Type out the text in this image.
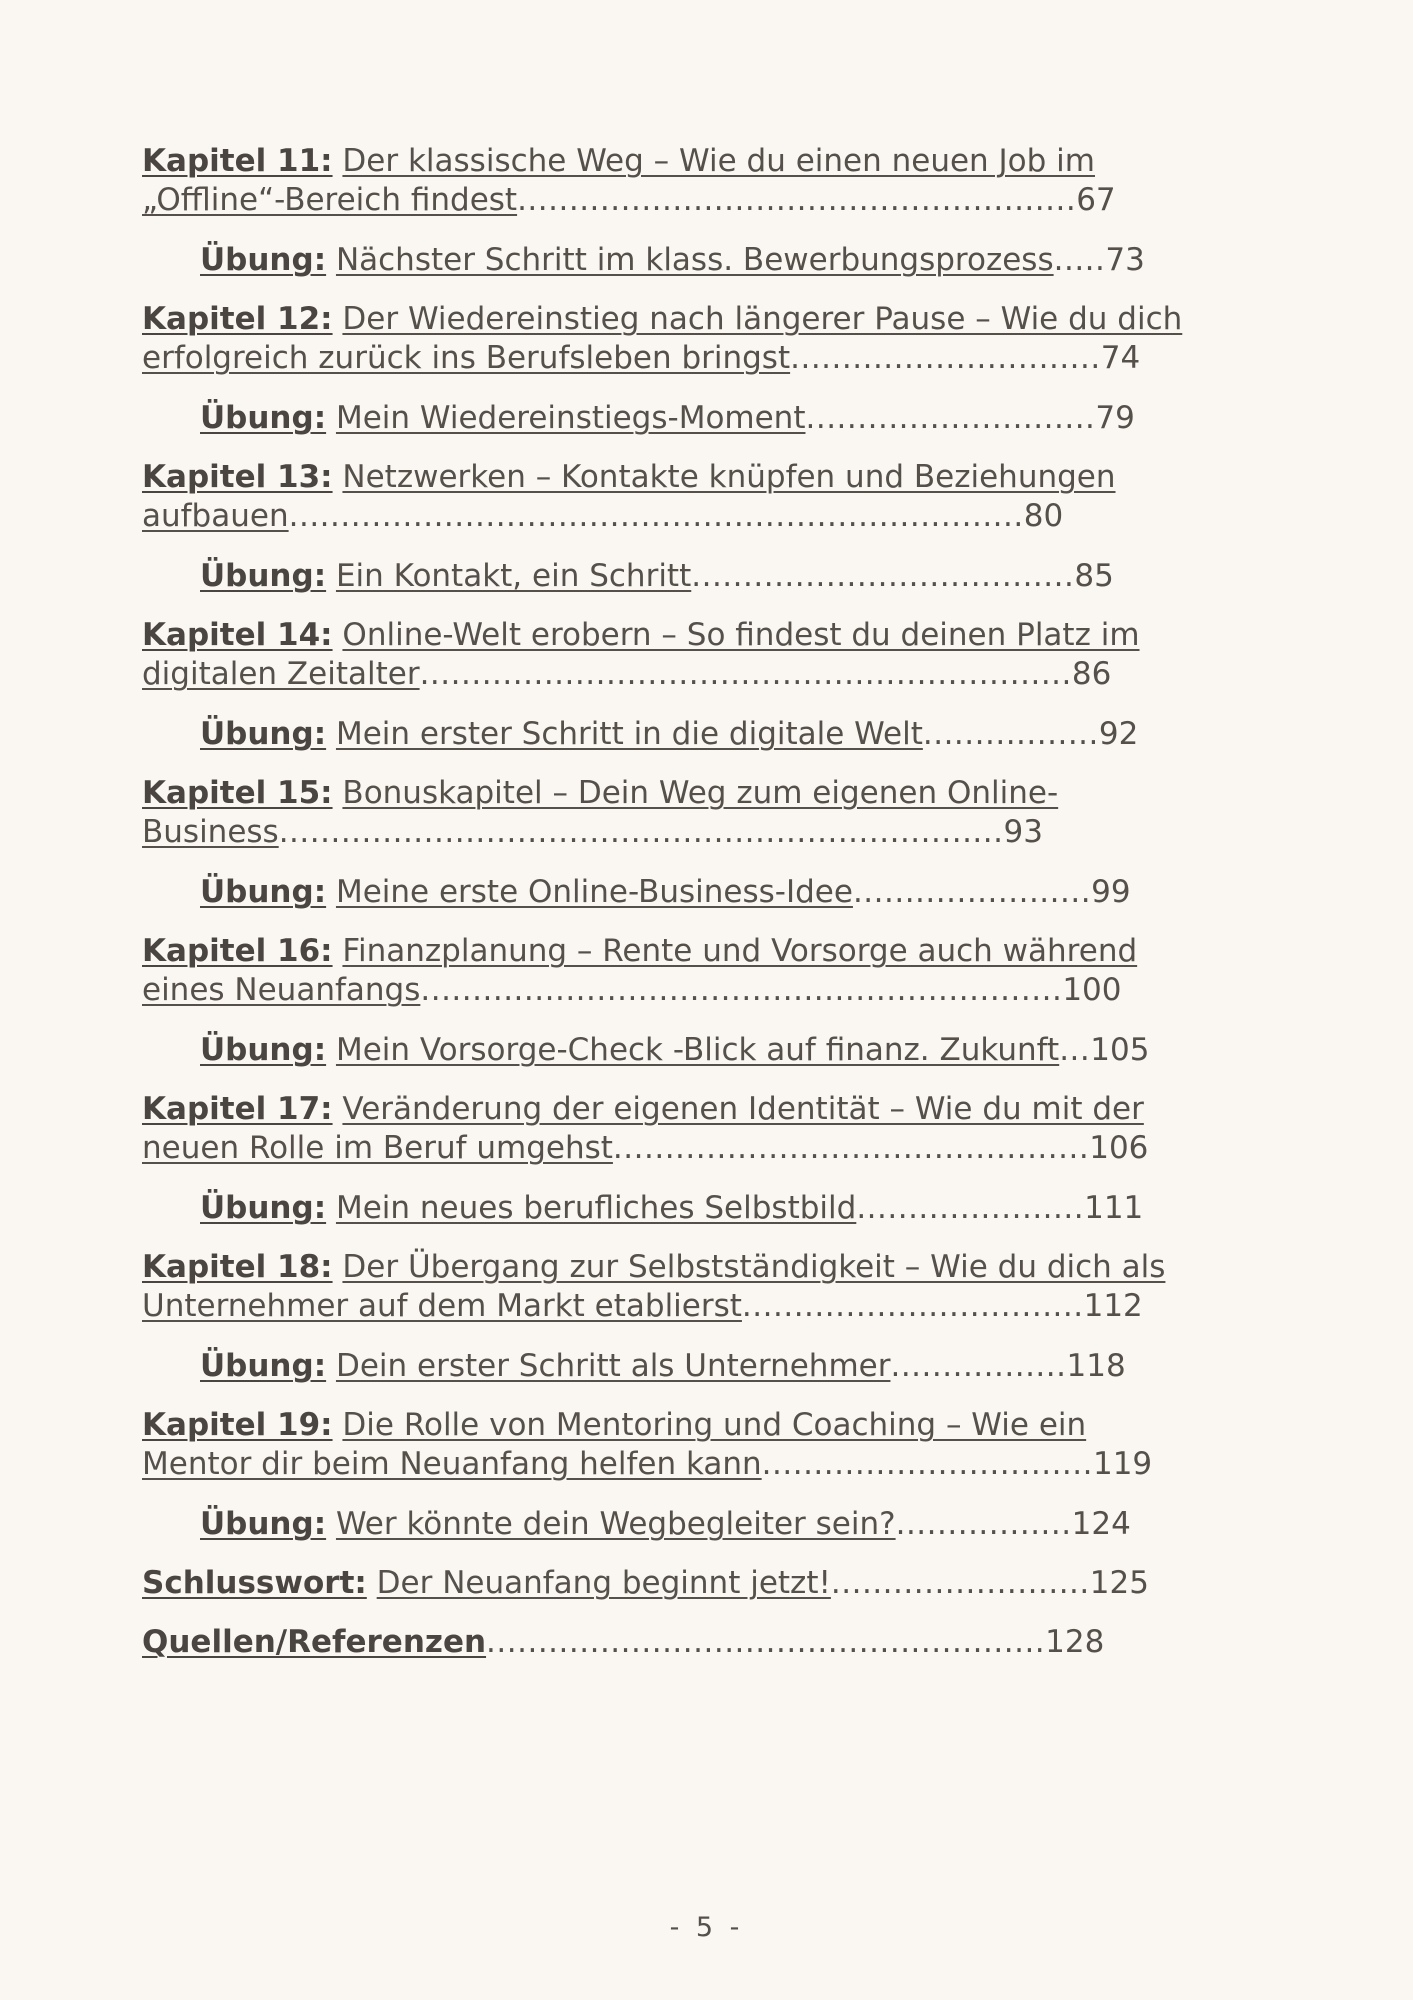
Kapitel 11: Der klassische Weg – Wie du einen neuen Job im
„Offline“-Bereich findest......................................................67
Übung: Nächster Schritt im klass. Bewerbungsprozess.....73
Kapitel 12: Der Wiedereinstieg nach längerer Pause – Wie du dich
erfolgreich zurück ins Berufsleben bringst..............................74
Übung: Mein Wiedereinstiegs-Moment............................79
Kapitel 13: Netzwerken – Kontakte knüpfen und Beziehungen
aufbauen.......................................................................80
Übung: Ein Kontakt, ein Schritt.....................................85
Kapitel 14: Online-Welt erobern – So findest du deinen Platz im
digitalen Zeitalter...............................................................86
Übung: Mein erster Schritt in die digitale Welt.................92
Kapitel 15: Bonuskapitel – Dein Weg zum eigenen Online-
Business......................................................................93
Übung: Meine erste Online-Business-Idee.......................99
Kapitel 16: Finanzplanung – Rente und Vorsorge auch während
eines Neuanfangs..............................................................100
Übung: Mein Vorsorge-Check -Blick auf finanz. Zukunft...105
Kapitel 17: Veränderung der eigenen Identität – Wie du mit der
neuen Rolle im Beruf umgehst..............................................106
Übung: Mein neues berufliches Selbstbild......................111
Kapitel 18: Der Übergang zur Selbstständigkeit – Wie du dich als
Unternehmer auf dem Markt etablierst.................................112
Übung: Dein erster Schritt als Unternehmer.................118
Kapitel 19: Die Rolle von Mentoring und Coaching – Wie ein
Mentor dir beim Neuanfang helfen kann................................119
Übung: Wer könnte dein Wegbegleiter sein?.................124
Schlusswort: Der Neuanfang beginnt jetzt!.........................125
Quellen/Referenzen......................................................128
- 5 -
